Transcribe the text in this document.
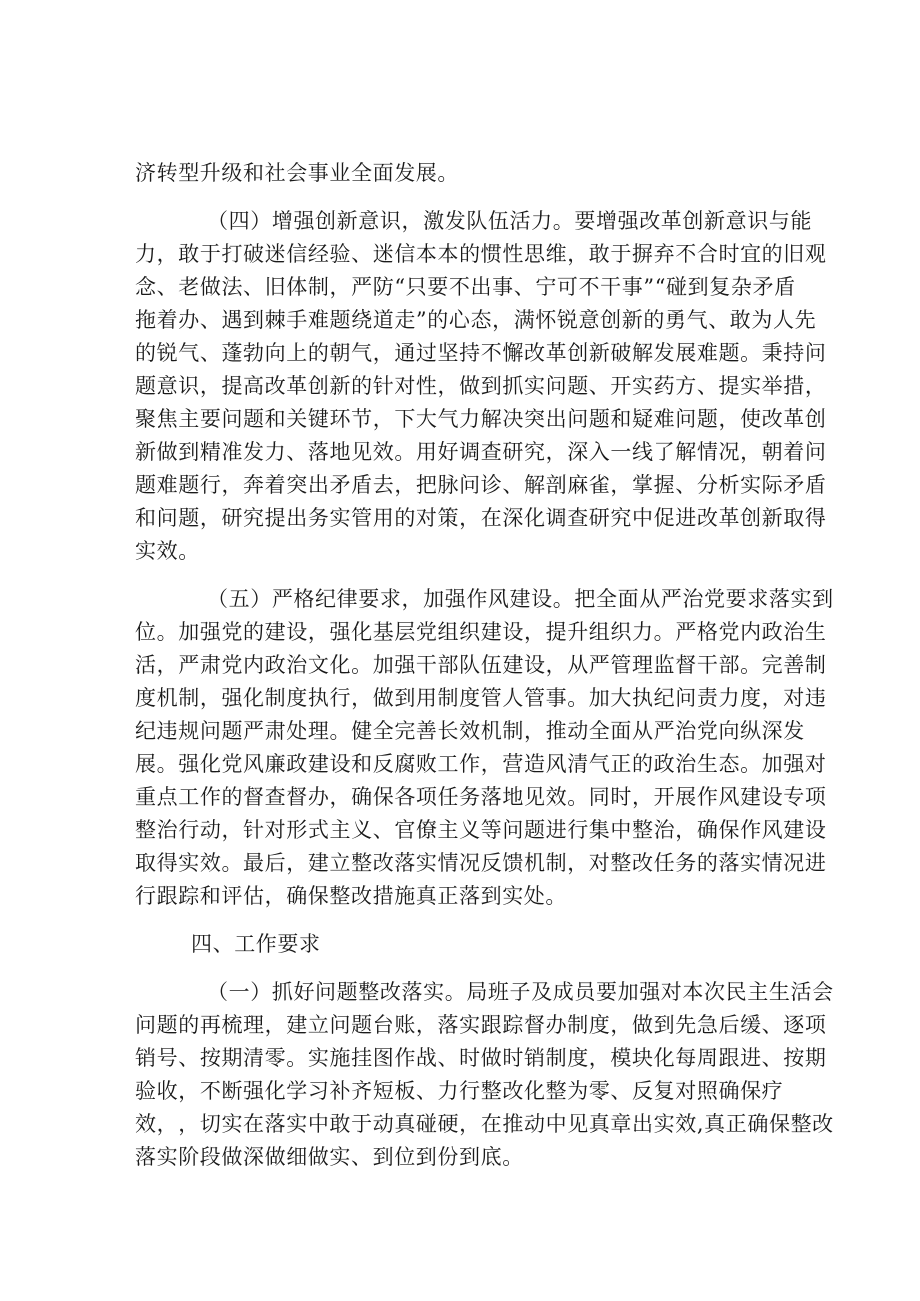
济转型升级和社会事业全面发展。
（ 四 ） 增 强 创 新 意 识 ， 激 发 队 伍 活 力 。 要 增 强 改 革 创 新 意 识 与 能
力 ， 敢 于 打 破 迷 信 经 验 、 迷 信 本 本 的 惯 性 思 维 ， 敢 于 摒 弃 不 合 时 宜 的 旧 观
念 、 老 做 法 、 旧 体 制 ， 严 防 “ 只 要 不 出 事 、 宁 可 不 干 事 ” “ 碰 到 复 杂 矛 盾
拖 着 办 、 遇 到 棘 手 难 题 绕 道 走 ” 的 心 态 ， 满 怀 锐 意 创 新 的 勇 气 、 敢 为 人 先
的 锐 气 、 蓬 勃 向 上 的 朝 气 ， 通 过 坚 持 不 懈 改 革 创 新 破 解 发 展 难 题 。 秉 持 问
题 意 识 ， 提 高 改 革 创 新 的 针 对 性 ， 做 到 抓 实 问 题 、 开 实 药 方 、 提 实 举 措 ，
聚 焦 主 要 问 题 和 关 键 环 节 ， 下 大 气 力 解 决 突 出 问 题 和 疑 难 问 题 ， 使 改 革 创
新 做 到 精 准 发 力 、 落 地 见 效 。 用 好 调 查 研 究 ， 深 入 一 线 了 解 情 况 ， 朝 着 问
题 难 题 行 ， 奔 着 突 出 矛 盾 去 ， 把 脉 问 诊 、 解 剖 麻 雀 ， 掌 握 、 分 析 实 际 矛 盾
和 问 题 ， 研 究 提 出 务 实 管 用 的 对 策 ， 在 深 化 调 查 研 究 中 促 进 改 革 创 新 取 得
实效。
（ 五 ） 严 格 纪 律 要 求 ， 加 强 作 风 建 设 。 把 全 面 从 严 治 党 要 求 落 实 到
位 。 加 强 党 的 建 设 ， 强 化 基 层 党 组 织 建 设 ， 提 升 组 织 力 。 严 格 党 内 政 治 生
活 ， 严 肃 党 内 政 治 文 化 。 加 强 干 部 队 伍 建 设 ， 从 严 管 理 监 督 干 部 。 完 善 制
度 机 制 ， 强 化 制 度 执 行 ， 做 到 用 制 度 管 人 管 事 。 加 大 执 纪 问 责 力 度 ， 对 违
纪 违 规 问 题 严 肃 处 理 。 健 全 完 善 长 效 机 制 ， 推 动 全 面 从 严 治 党 向 纵 深 发
展 。 强 化 党 风 廉 政 建 设 和 反 腐 败 工 作 ， 营 造 风 清 气 正 的 政 治 生 态 。 加 强 对
重 点 工 作 的 督 查 督 办 ， 确 保 各 项 任 务 落 地 见 效 。 同 时 ， 开 展 作 风 建 设 专 项
整 治 行 动 ， 针 对 形 式 主 义 、 官 僚 主 义 等 问 题 进 行 集 中 整 治 ， 确 保 作 风 建 设
取 得 实 效 。 最 后 ， 建 立 整 改 落 实 情 况 反 馈 机 制 ， 对 整 改 任 务 的 落 实 情 况 进
行跟踪和评估，确保整改措施真正落到实处。
四、工作要求
（ 一 ） 抓 好 问 题 整 改 落 实 。 局 班 子 及 成 员 要 加 强 对 本 次 民 主 生 活 会
问 题 的 再 梳 理 ， 建 立 问 题 台 账 ， 落 实 跟 踪 督 办 制 度 ， 做 到 先 急 后 缓 、 逐 项
销 号 、 按 期 清 零 。 实 施 挂 图 作 战 、 时 做 时 销 制 度 ， 模 块 化 每 周 跟 进 、 按 期
验 收 ， 不 断 强 化 学 习 补 齐 短 板 、 力 行 整 改 化 整 为 零 、 反 复 对 照 确 保 疗
效 ， ， 切 实 在 落 实 中 敢 于 动 真 碰 硬 ， 在 推 动 中 见 真 章 出 实 效 , 真 正 确 保 整 改
落实阶段做深做细做实、到位到份到底。
